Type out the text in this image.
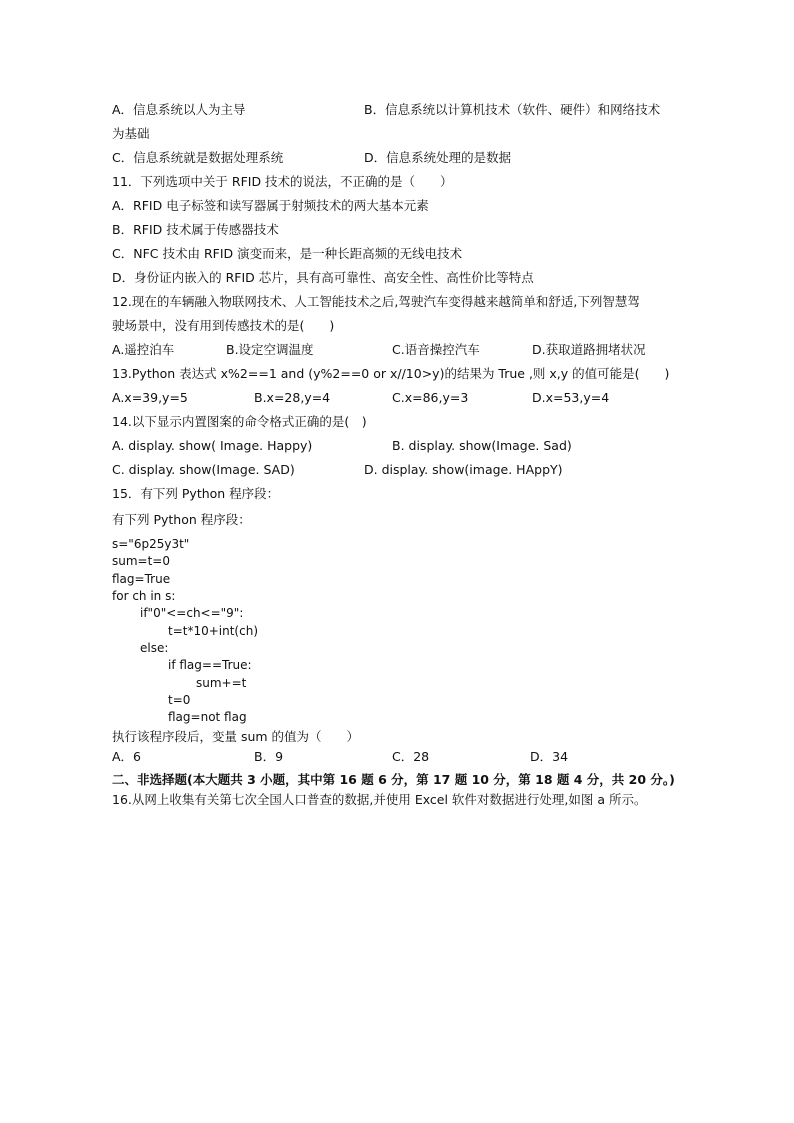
A．信息系统以人为主导	B．信息系统以计算机技术（软件、硬件）和网络技术
为基础
C．信息系统就是数据处理系统	D．信息系统处理的是数据
11．下列选项中关于 RFID 技术的说法，不正确的是（　　）
A．RFID 电子标签和读写器属于射频技术的两大基本元素
B．RFID 技术属于传感器技术
C．NFC 技术由 RFID 演变而来，是一种长距高频的无线电技术
D．身份证内嵌入的 RFID 芯片，具有高可靠性、高安全性、高性价比等特点
12.现在的车辆融入物联网技术、人工智能技术之后,驾驶汽车变得越来越简单和舒适,下列智慧驾
驶场景中，没有用到传感技术的是(　　)
A.遥控泊车	B.设定空调温度	C.语音操控汽车	D.获取道路拥堵状况
13.Python 表达式 x%2==1 and (y%2==0 or x//10>y)的结果为 True ,则 x,y 的值可能是(　　)
A.x=39,y=5	B.x=28,y=4	C.x=86,y=3	D.x=53,y=4
14.以下显示内置图案的命令格式正确的是(　)
A. display. show( Image. Happy)	B. display. show(Image. Sad)
C. display. show(Image. SAD)	D. display. show(image. HAppY)
15．有下列 Python 程序段：
有下列 Python 程序段：
s="6p25y3t"
sum=t=0
flag=True
for ch in s:
if"0"<=ch<="9":
t=t*10+int(ch)
else:
if flag==True:
sum+=t
t=0
flag=not flag
执行该程序段后，变量 sum 的值为（　　）
A．6	B．9	C．28	D．34
二、非选择题(本大题共 3 小题，其中第 16 题 6 分，第 17 题 10 分，第 18 题 4 分，共 20 分。)
16.从网上收集有关第七次全国人口普查的数据,并使用 Excel 软件对数据进行处理,如图 a 所示。
